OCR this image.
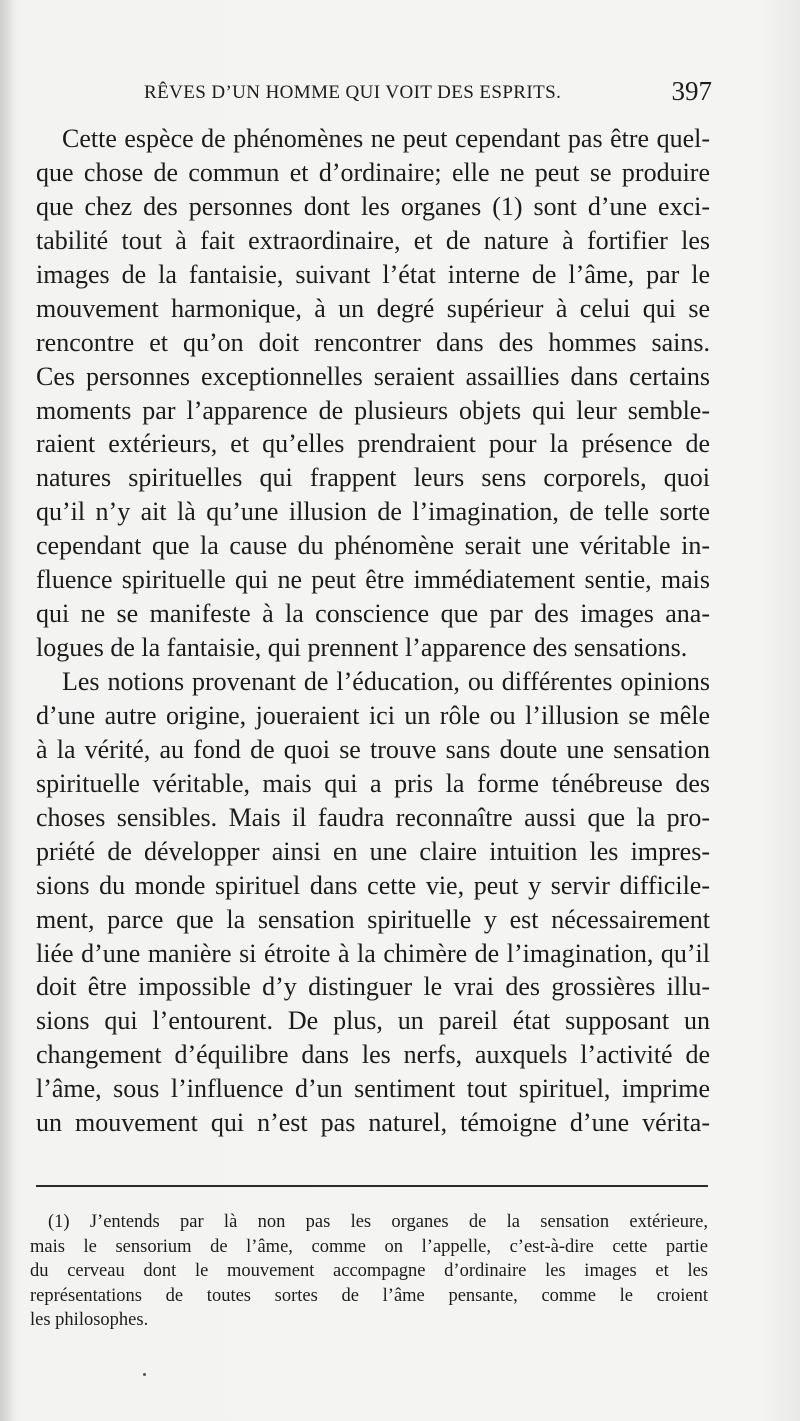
RÊVES D’UN HOMME QUI VOIT DES ESPRITS.	397
Cette espèce de phénomènes ne peut cependant pas être quel-
que chose de commun et d’ordinaire; elle ne peut se produire
que chez des personnes dont les organes (1) sont d’une exci-
tabilité tout à fait extraordinaire, et de nature à fortifier les
images de la fantaisie, suivant l’état interne de l’âme, par le
mouvement harmonique, à un degré supérieur à celui qui se
rencontre et qu’on doit rencontrer dans des hommes sains.
Ces personnes exceptionnelles seraient assaillies dans certains
moments par l’apparence de plusieurs objets qui leur semble-
raient extérieurs, et qu’elles prendraient pour la présence de
natures spirituelles qui frappent leurs sens corporels, quoi
qu’il n’y ait là qu’une illusion de l’imagination, de telle sorte
cependant que la cause du phénomène serait une véritable in-
fluence spirituelle qui ne peut être immédiatement sentie, mais
qui ne se manifeste à la conscience que par des images ana-
logues de la fantaisie, qui prennent l’apparence des sensations.
Les notions provenant de l’éducation, ou différentes opinions
d’une autre origine, joueraient ici un rôle ou l’illusion se mêle
à la vérité, au fond de quoi se trouve sans doute une sensation
spirituelle véritable, mais qui a pris la forme ténébreuse des
choses sensibles. Mais il faudra reconnaître aussi que la pro-
priété de développer ainsi en une claire intuition les impres-
sions du monde spirituel dans cette vie, peut y servir difficile-
ment, parce que la sensation spirituelle y est nécessairement
liée d’une manière si étroite à la chimère de l’imagination, qu’il
doit être impossible d’y distinguer le vrai des grossières illu-
sions qui l’entourent. De plus, un pareil état supposant un
changement d’équilibre dans les nerfs, auxquels l’activité de
l’âme, sous l’influence d’un sentiment tout spirituel, imprime
un mouvement qui n’est pas naturel, témoigne d’une vérita-
(1) J’entends par là non pas les organes de la sensation extérieure,
mais le sensorium de l’âme, comme on l’appelle, c’est-à-dire cette partie
du cerveau dont le mouvement accompagne d’ordinaire les images et les
représentations de toutes sortes de l’âme pensante, comme le croient
les philosophes.
